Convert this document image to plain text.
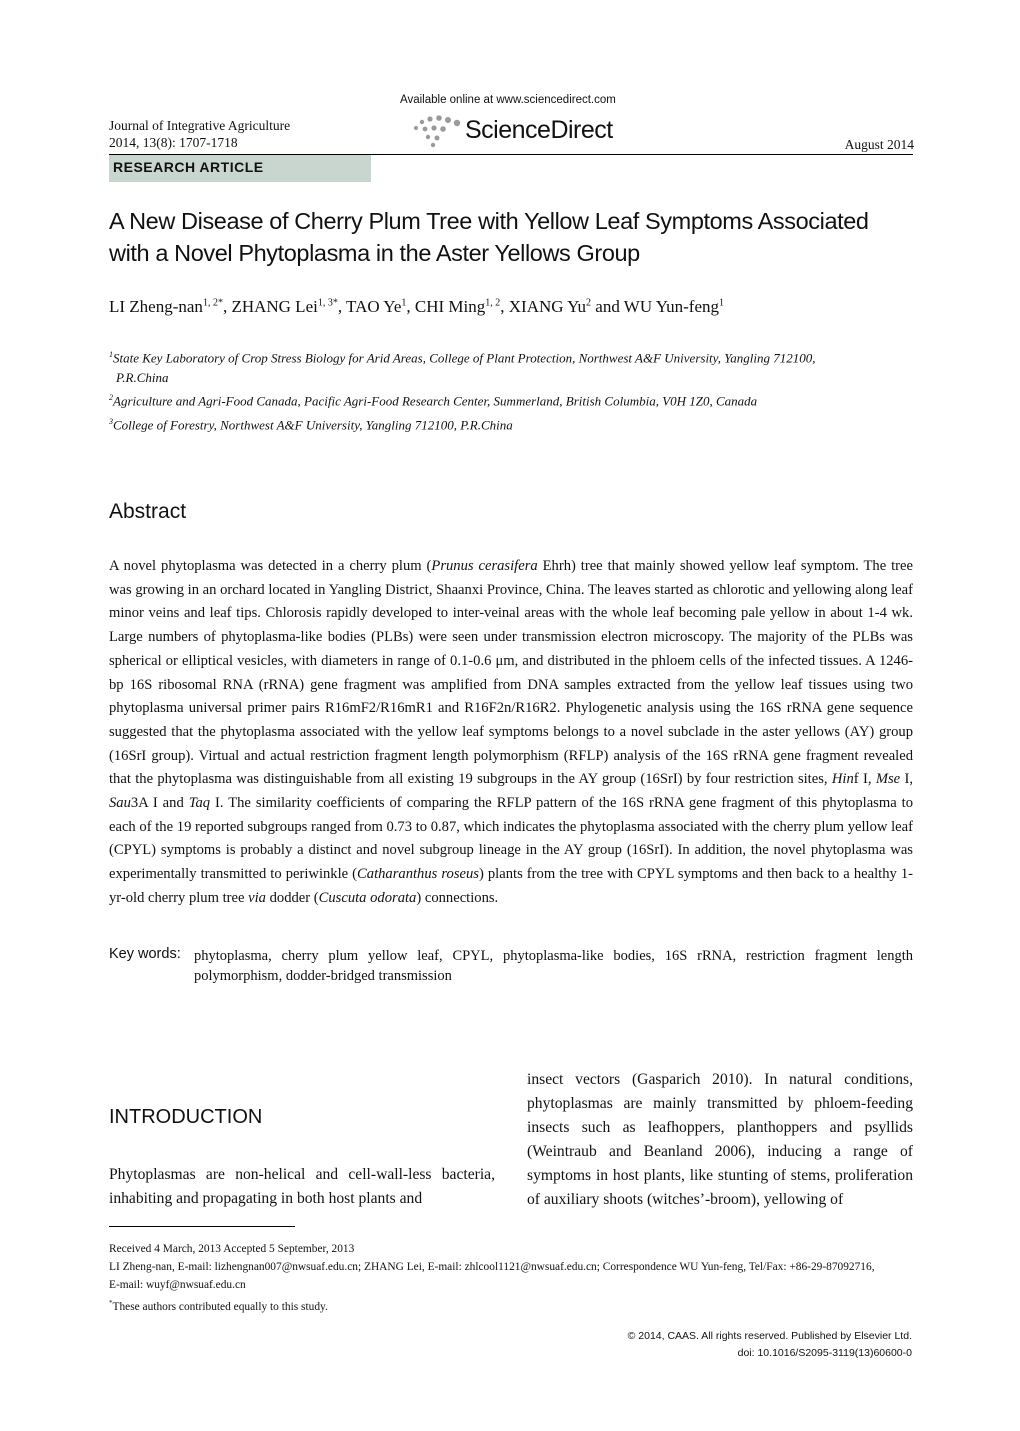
Journal of Integrative Agriculture
2014, 13(8): 1707-1718
Available online at www.sciencedirect.com
ScienceDirect
August 2014
RESEARCH ARTICLE
A New Disease of Cherry Plum Tree with Yellow Leaf Symptoms Associated
with a Novel Phytoplasma in the Aster Yellows Group
LI Zheng-nan$^{1, 2*}$, ZHANG Lei$^{1, 3*}$, TAO Ye$^1$, CHI Ming$^{1, 2}$, XIANG Yu$^2$ and WU Yun-feng$^1$
$^1$State Key Laboratory of Crop Stress Biology for Arid Areas, College of Plant Protection, Northwest A&F University, Yangling 712100,
P.R.China
$^2$Agriculture and Agri-Food Canada, Pacific Agri-Food Research Center, Summerland, British Columbia, V0H 1Z0, Canada
$^3$College of Forestry, Northwest A&F University, Yangling 712100, P.R.China
Abstract
A novel phytoplasma was detected in a cherry plum (Prunus cerasifera Ehrh) tree that mainly showed yellow leaf symptom. The tree was growing in an orchard located in Yangling District, Shaanxi Province, China. The leaves started as chlorotic and yellowing along leaf minor veins and leaf tips. Chlorosis rapidly developed to inter-veinal areas with the whole leaf becoming pale yellow in about 1-4 wk. Large numbers of phytoplasma-like bodies (PLBs) were seen under transmission electron microscopy. The majority of the PLBs was spherical or elliptical vesicles, with diameters in range of 0.1-0.6 μm, and distributed in the phloem cells of the infected tissues. A 1246-bp 16S ribosomal RNA (rRNA) gene fragment was amplified from DNA samples extracted from the yellow leaf tissues using two phytoplasma universal primer pairs R16mF2/R16mR1 and R16F2n/R16R2. Phylogenetic analysis using the 16S rRNA gene sequence suggested that the phytoplasma associated with the yellow leaf symptoms belongs to a novel subclade in the aster yellows (AY) group (16SrI group). Virtual and actual restriction fragment length polymorphism (RFLP) analysis of the 16S rRNA gene fragment revealed that the phytoplasma was distinguishable from all existing 19 subgroups in the AY group (16SrI) by four restriction sites, Hinf I, Mse I, Sau3A I and Taq I. The similarity coefficients of comparing the RFLP pattern of the 16S rRNA gene fragment of this phytoplasma to each of the 19 reported subgroups ranged from 0.73 to 0.87, which indicates the phytoplasma associated with the cherry plum yellow leaf (CPYL) symptoms is probably a distinct and novel subgroup lineage in the AY group (16SrI). In addition, the novel phytoplasma was experimentally transmitted to periwinkle (Catharanthus roseus) plants from the tree with CPYL symptoms and then back to a healthy 1-yr-old cherry plum tree via dodder (Cuscuta odorata) connections.
Key words: phytoplasma, cherry plum yellow leaf, CPYL, phytoplasma-like bodies, 16S rRNA, restriction fragment length polymorphism, dodder-bridged transmission
INTRODUCTION
Phytoplasmas are non-helical and cell-wall-less bacteria, inhabiting and propagating in both host plants and
insect vectors (Gasparich 2010). In natural conditions, phytoplasmas are mainly transmitted by phloem-feeding insects such as leafhoppers, planthoppers and psyllids (Weintraub and Beanland 2006), inducing a range of symptoms in host plants, like stunting of stems, proliferation of auxiliary shoots (witches’-broom), yellowing of
Received 4 March, 2013 Accepted 5 September, 2013
LI Zheng-nan, E-mail: lizhengnan007@nwsuaf.edu.cn; ZHANG Lei, E-mail: zhlcool1121@nwsuaf.edu.cn; Correspondence WU Yun-feng, Tel/Fax: +86-29-87092716,
E-mail: wuyf@nwsuaf.edu.cn
*These authors contributed equally to this study.
© 2014, CAAS. All rights reserved. Published by Elsevier Ltd.
doi: 10.1016/S2095-3119(13)60600-0
